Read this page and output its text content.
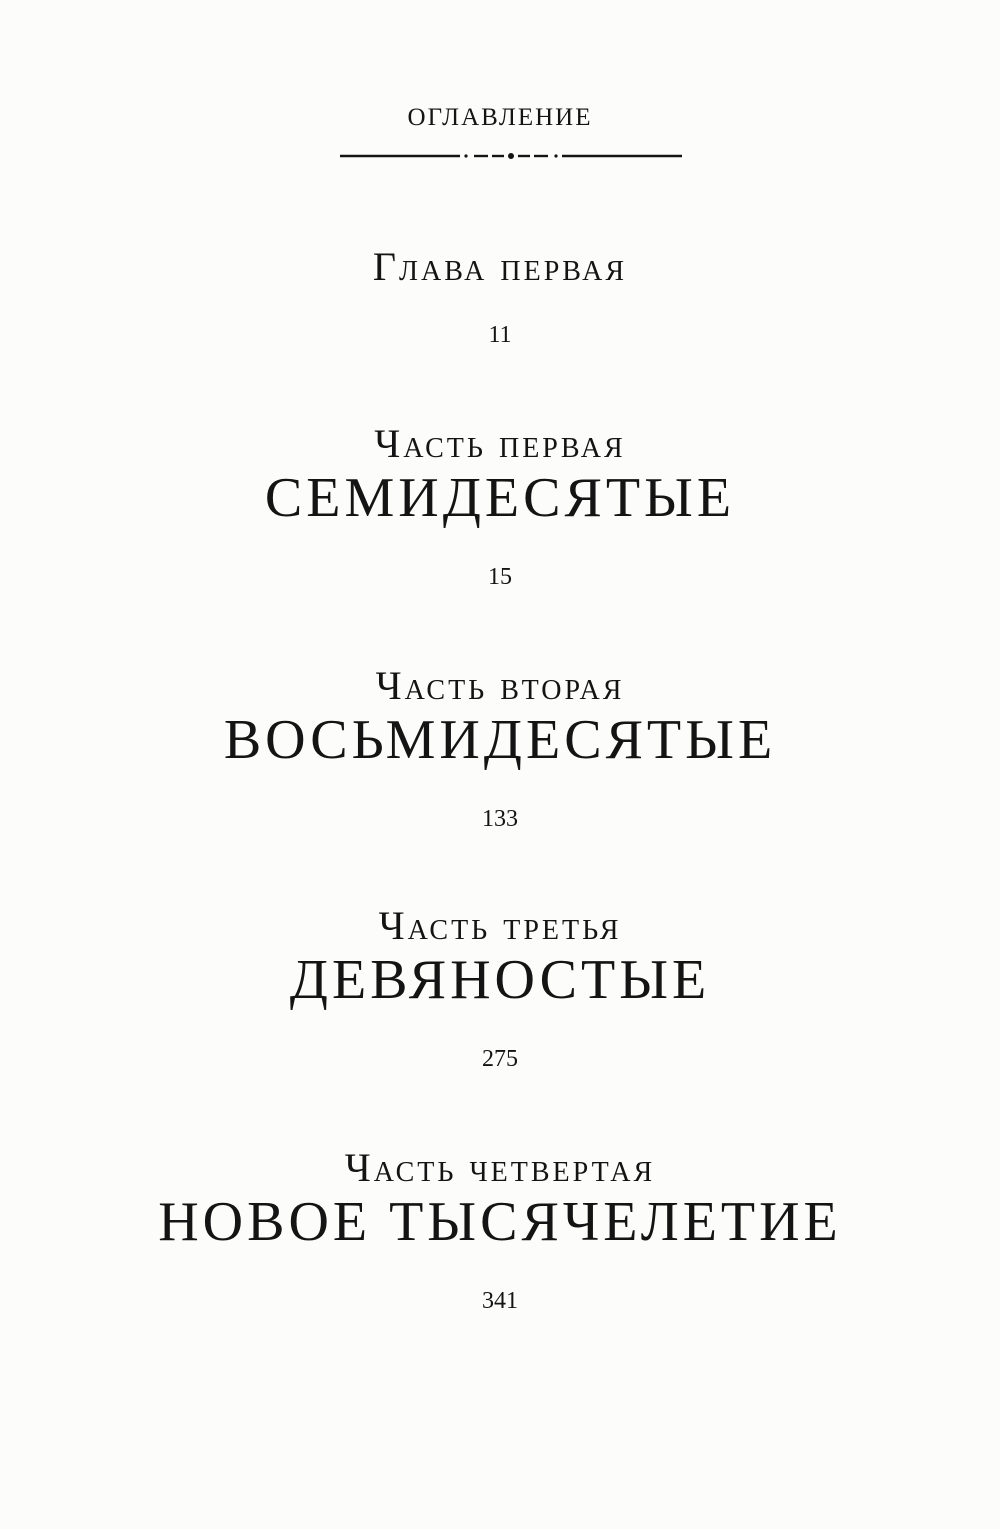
ОГЛАВЛЕНИЕ
Глава первая
11
Часть первая
СЕМИДЕСЯТЫЕ
15
Часть вторая
ВОСЬМИДЕСЯТЫЕ
133
Часть третья
ДЕВЯНОСТЫЕ
275
Часть четвертая
НОВОЕ ТЫСЯЧЕЛЕТИЕ
341
